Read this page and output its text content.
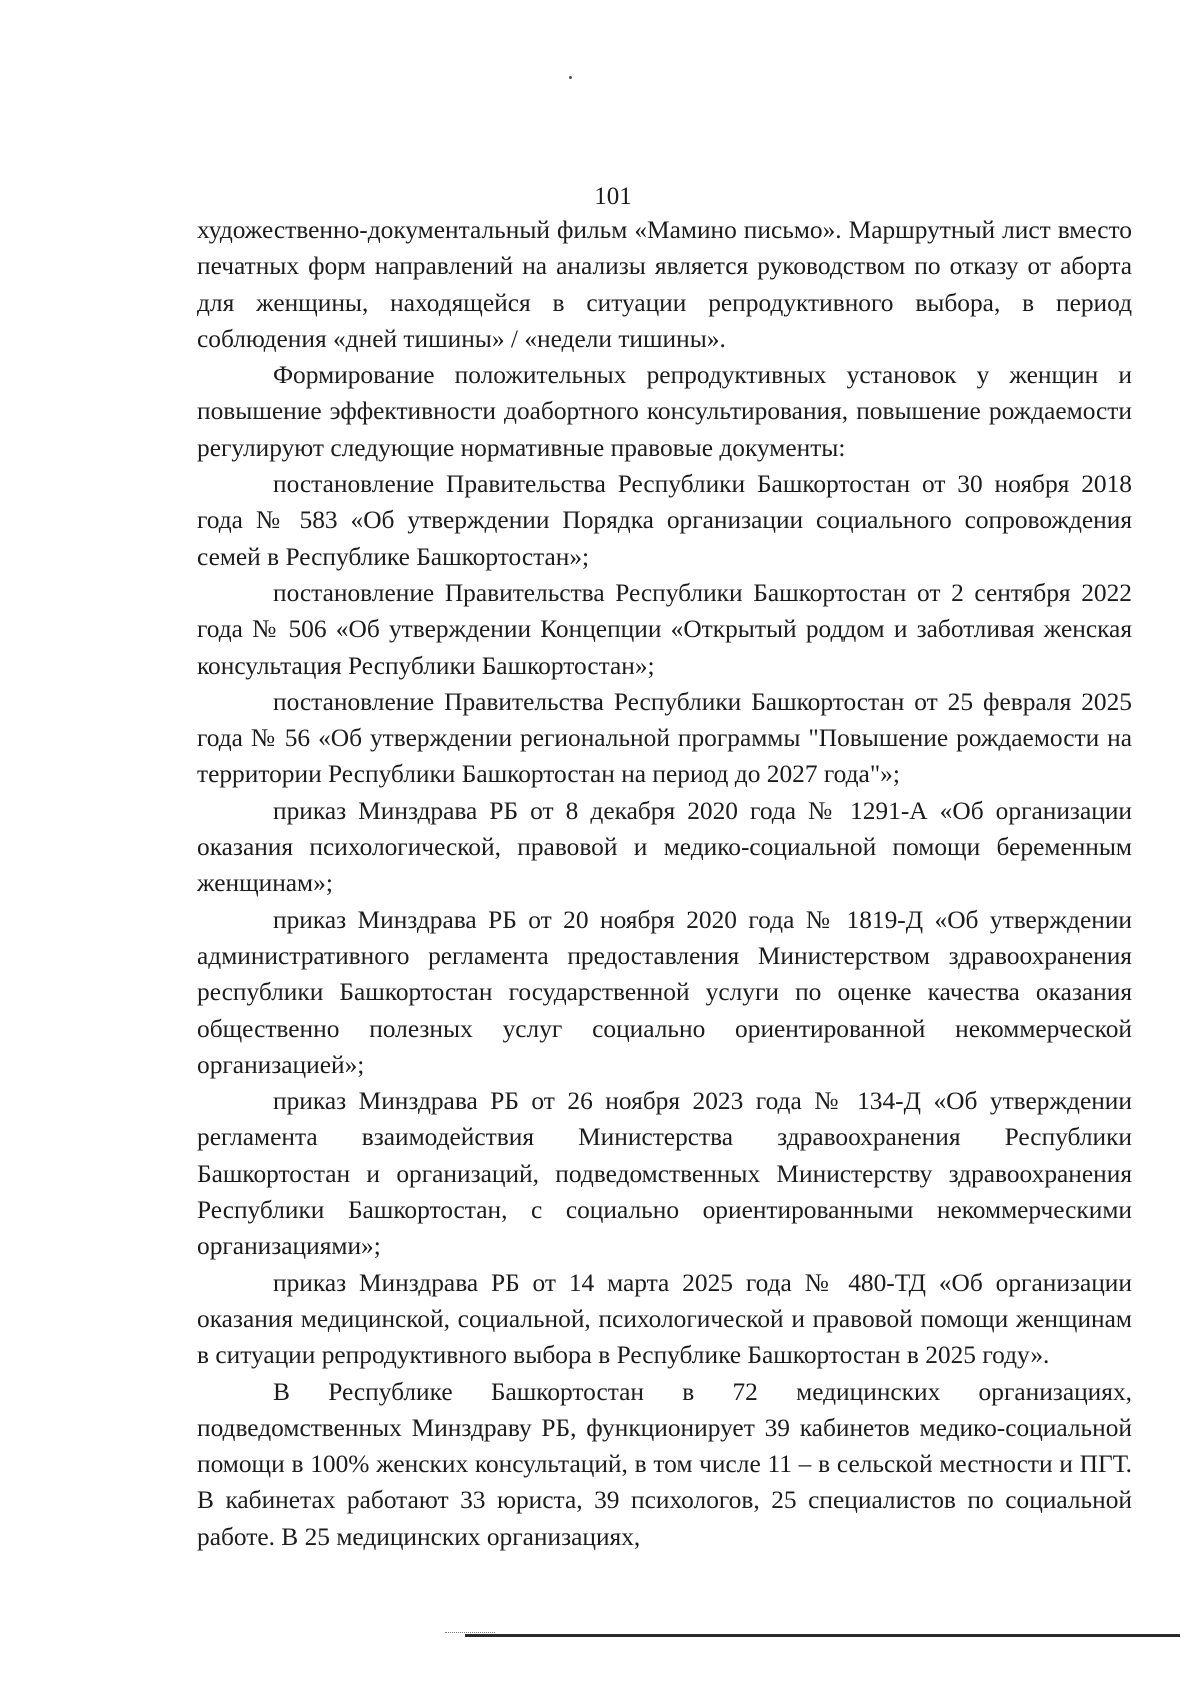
101

художественно-документальный фильм «Мамино письмо». Маршрутный лист вместо печатных форм направлений на анализы является руководством по отказу от аборта для женщины, находящейся в ситуации репродуктивного выбора, в период соблюдения «дней тишины» / «недели тишины».

Формирование положительных репродуктивных установок у женщин и повышение эффективности доабортного консультирования, повышение рождаемости регулируют следующие нормативные правовые документы:

постановление Правительства Республики Башкортостан от 30 ноября 2018 года № 583 «Об утверждении Порядка организации социального сопровождения семей в Республике Башкортостан»;

постановление Правительства Республики Башкортостан от 2 сентября 2022 года № 506 «Об утверждении Концепции «Открытый роддом и заботливая женская консультация Республики Башкортостан»;

постановление Правительства Республики Башкортостан от 25 февраля 2025 года № 56 «Об утверждении региональной программы "Повышение рождаемости на территории Республики Башкортостан на период до 2027 года"»;

приказ Минздрава РБ от 8 декабря 2020 года № 1291-А «Об организации оказания психологической, правовой и медико-социальной помощи беременным женщинам»;

приказ Минздрава РБ от 20 ноября 2020 года № 1819-Д «Об утверждении административного регламента предоставления Министерством здравоохранения республики Башкортостан государственной услуги по оценке качества оказания общественно полезных услуг социально ориентированной некоммерческой организацией»;

приказ Минздрава РБ от 26 ноября 2023 года № 134-Д «Об утверждении регламента взаимодействия Министерства здравоохранения Республики Башкортостан и организаций, подведомственных Министерству здравоохранения Республики Башкортостан, с социально ориентированными некоммерческими организациями»;

приказ Минздрава РБ от 14 марта 2025 года № 480-ТД «Об организации оказания медицинской, социальной, психологической и правовой помощи женщинам в ситуации репродуктивного выбора в Республике Башкортостан в 2025 году».

В Республике Башкортостан в 72 медицинских организациях, подведомственных Минздраву РБ, функционирует 39 кабинетов медико-социальной помощи в 100% женских консультаций, в том числе 11 – в сельской местности и ПГТ. В кабинетах работают 33 юриста, 39 психологов, 25 специалистов по социальной работе. В 25 медицинских организациях,
